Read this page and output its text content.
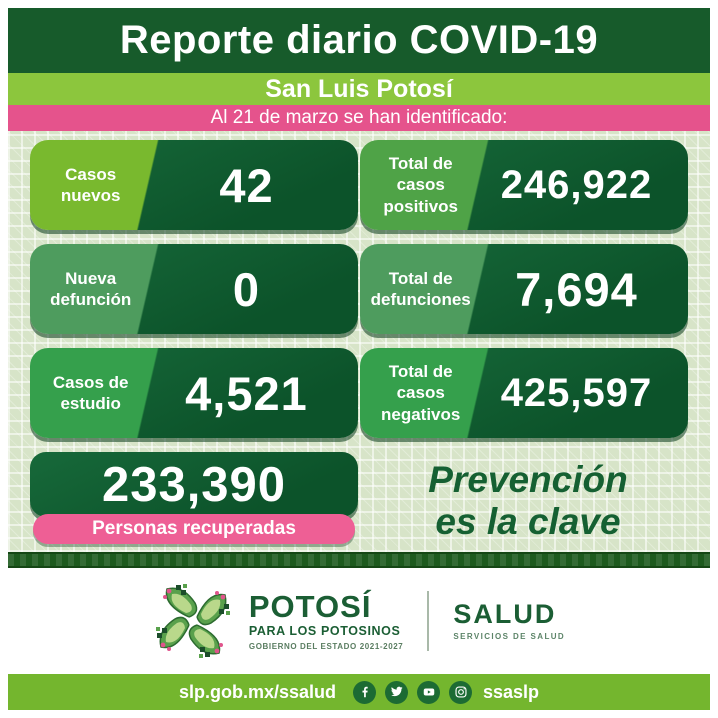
Reporte diario COVID-19
San Luis Potosí
Al 21 de marzo se han identificado:
Casos nuevos	42	Total de casos positivos	246,922
Nueva defunción	0	Total de defunciones 7,694
Casos de estudio	4,521	Total de casos negativos	425,597
233,390
Personas recuperadas
Prevención
es la clave
POTOSÍ
PARA LOS POTOSINOS
GOBIERNO DEL ESTADO 2021-2027
SALUD
SERVICIOS DE SALUD
slp.gob.mx/ssalud	ssaslp
